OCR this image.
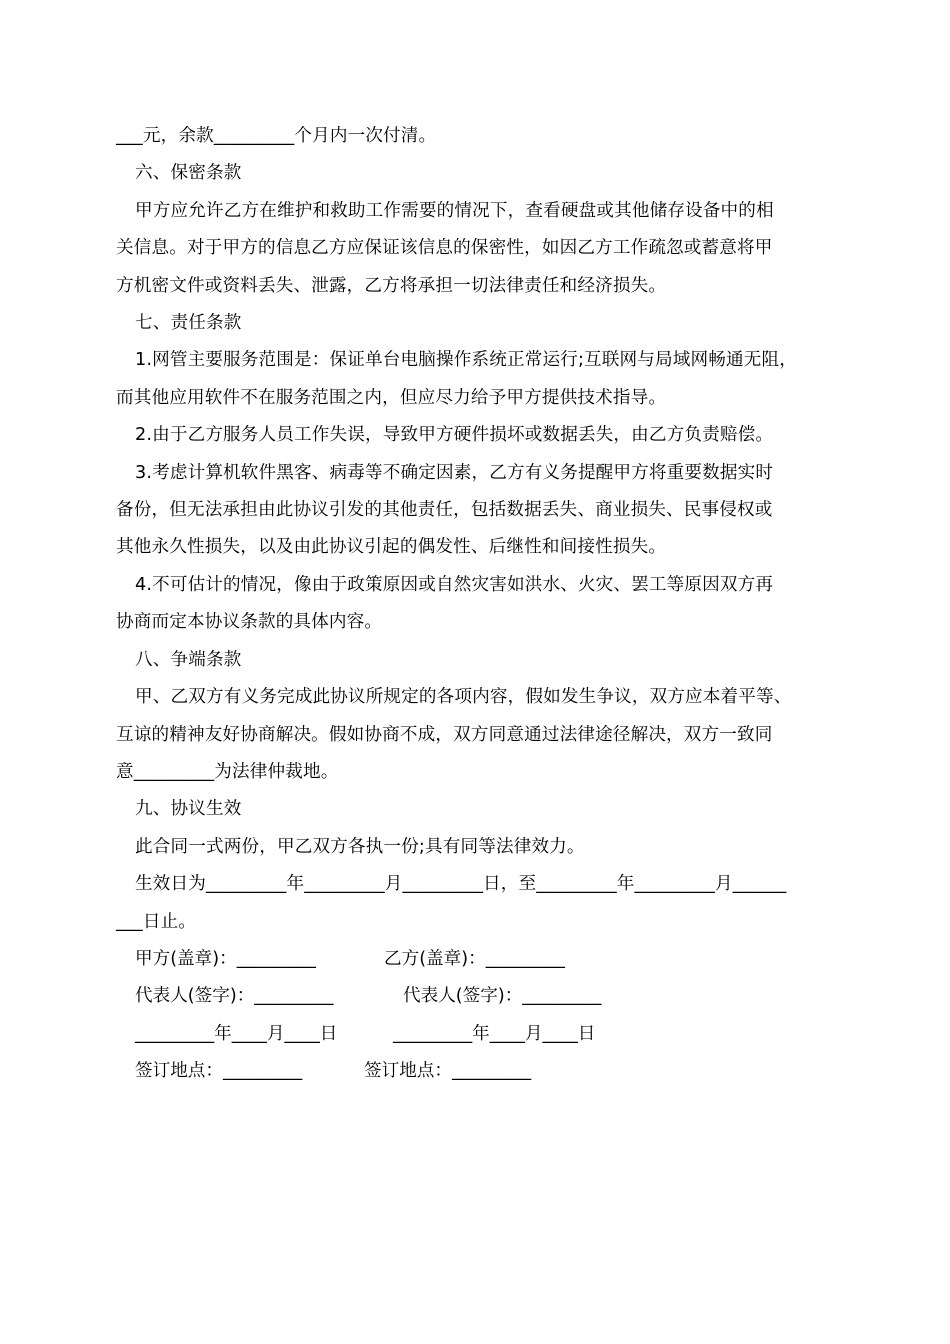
___元，余款_________个月内一次付清。

六、保密条款

甲方应允许乙方在维护和救助工作需要的情况下，查看硬盘或其他储存设备中的相

关信息。对于甲方的信息乙方应保证该信息的保密性，如因乙方工作疏忽或蓄意将甲

方机密文件或资料丢失、泄露，乙方将承担一切法律责任和经济损失。

七、责任条款

1.网管主要服务范围是：保证单台电脑操作系统正常运行;互联网与局域网畅通无阻，

而其他应用软件不在服务范围之内，但应尽力给予甲方提供技术指导。

2.由于乙方服务人员工作失误，导致甲方硬件损坏或数据丢失，由乙方负责赔偿。

3.考虑计算机软件黑客、病毒等不确定因素，乙方有义务提醒甲方将重要数据实时

备份，但无法承担由此协议引发的其他责任，包括数据丢失、商业损失、民事侵权或

其他永久性损失，以及由此协议引起的偶发性、后继性和间接性损失。

4.不可估计的情况，像由于政策原因或自然灾害如洪水、火灾、罢工等原因双方再

协商而定本协议条款的具体内容。

八、争端条款

甲、乙双方有义务完成此协议所规定的各项内容，假如发生争议，双方应本着平等、

互谅的精神友好协商解决。假如协商不成，双方同意通过法律途径解决，双方一致同

意_________为法律仲裁地。

九、协议生效

此合同一式两份，甲乙双方各执一份;具有同等法律效力。

生效日为_________年_________月_________日，至_________年_________月______

___日止。

甲方(盖章)：_________

	乙方(盖章)：_________

代表人(签字)：_________

	代表人(签字)：_________

_________年____月____日

	_________年____月____日

签订地点：_________

	签订地点：_________
